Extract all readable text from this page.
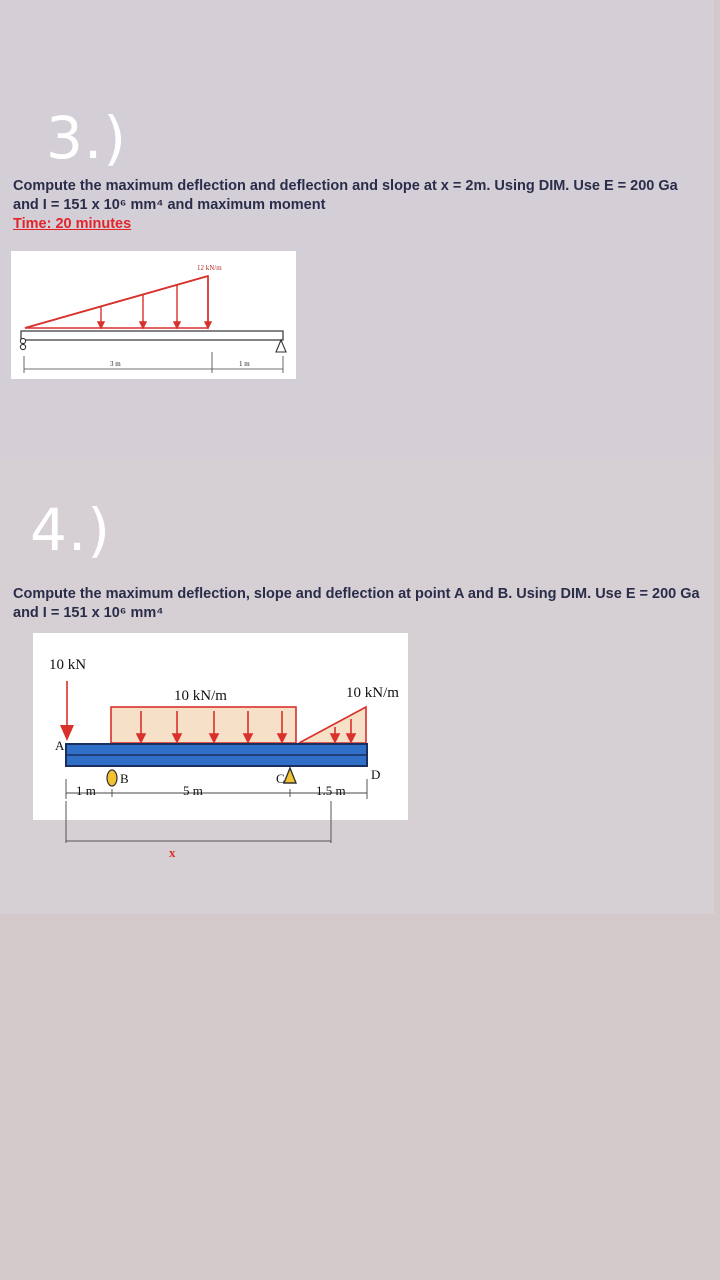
3.)
Compute the maximum deflection and deflection and slope at x = 2m. Using DIM. Use E = 200 Ga
and I = 151 x 10⁶ mm⁴ and maximum moment
Time: 20 minutes
12 kN/m
3 m	1 m
4.)
Compute the maximum deflection, slope and deflection at point A and B. Using DIM. Use E = 200 Ga
and I = 151 x 10⁶ mm⁴
10 kN
A
10 kN/m	10 kN/m
B	C	D
1 m	5 m	1.5 m
x
